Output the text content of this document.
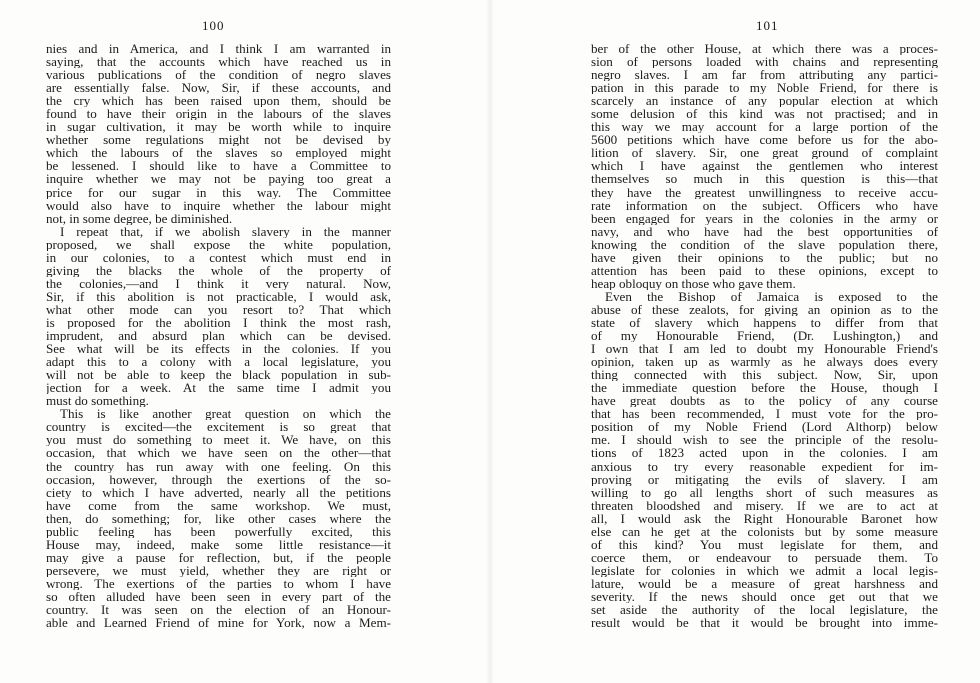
100
nies and in America, and I think I am warranted in
saying, that the accounts which have reached us in
various publications of the condition of negro slaves
are essentially false. Now, Sir, if these accounts, and
the cry which has been raised upon them, should be
found to have their origin in the labours of the slaves
in sugar cultivation, it may be worth while to inquire
whether some regulations might not be devised by
which the labours of the slaves so employed might
be lessened. I should like to have a Committee to
inquire whether we may not be paying too great a
price for our sugar in this way. The Committee
would also have to inquire whether the labour might
not, in some degree, be diminished.
I repeat that, if we abolish slavery in the manner
proposed, we shall expose the white population,
in our colonies, to a contest which must end in
giving the blacks the whole of the property of
the colonies,—and I think it very natural. Now,
Sir, if this abolition is not practicable, I would ask,
what other mode can you resort to? That which
is proposed for the abolition I think the most rash,
imprudent, and absurd plan which can be devised.
See what will be its effects in the colonies. If you
adapt this to a colony with a local legislature, you
will not be able to keep the black population in sub-
jection for a week. At the same time I admit you
must do something.
This is like another great question on which the
country is excited—the excitement is so great that
you must do something to meet it. We have, on this
occasion, that which we have seen on the other—that
the country has run away with one feeling. On this
occasion, however, through the exertions of the so-
ciety to which I have adverted, nearly all the petitions
have come from the same workshop. We must,
then, do something; for, like other cases where the
public feeling has been powerfully excited, this
House may, indeed, make some little resistance—it
may give a pause for reflection, but, if the people
persevere, we must yield, whether they are right or
wrong. The exertions of the parties to whom I have
so often alluded have been seen in every part of the
country. It was seen on the election of an Honour-
able and Learned Friend of mine for York, now a Mem-
101
ber of the other House, at which there was a proces-
sion of persons loaded with chains and representing
negro slaves. I am far from attributing any partici-
pation in this parade to my Noble Friend, for there is
scarcely an instance of any popular election at which
some delusion of this kind was not practised; and in
this way we may account for a large portion of the
5600 petitions which have come before us for the abo-
lition of slavery. Sir, one great ground of complaint
which I have against the gentlemen who interest
themselves so much in this question is this—that
they have the greatest unwillingness to receive accu-
rate information on the subject. Officers who have
been engaged for years in the colonies in the army or
navy, and who have had the best opportunities of
knowing the condition of the slave population there,
have given their opinions to the public; but no
attention has been paid to these opinions, except to
heap obloquy on those who gave them.
Even the Bishop of Jamaica is exposed to the
abuse of these zealots, for giving an opinion as to the
state of slavery which happens to differ from that
of my Honourable Friend, (Dr. Lushington,) and
I own that I am led to doubt my Honourable Friend's
opinion, taken up as warmly as he always does every
thing connected with this subject. Now, Sir, upon
the immediate question before the House, though I
have great doubts as to the policy of any course
that has been recommended, I must vote for the pro-
position of my Noble Friend (Lord Althorp) below
me. I should wish to see the principle of the resolu-
tions of 1823 acted upon in the colonies. I am
anxious to try every reasonable expedient for im-
proving or mitigating the evils of slavery. I am
willing to go all lengths short of such measures as
threaten bloodshed and misery. If we are to act at
all, I would ask the Right Honourable Baronet how
else can he get at the colonists but by some measure
of this kind? You must legislate for them, and
coerce them, or endeavour to persuade them. To
legislate for colonies in which we admit a local legis-
lature, would be a measure of great harshness and
severity. If the news should once get out that we
set aside the authority of the local legislature, the
result would be that it would be brought into imme-
